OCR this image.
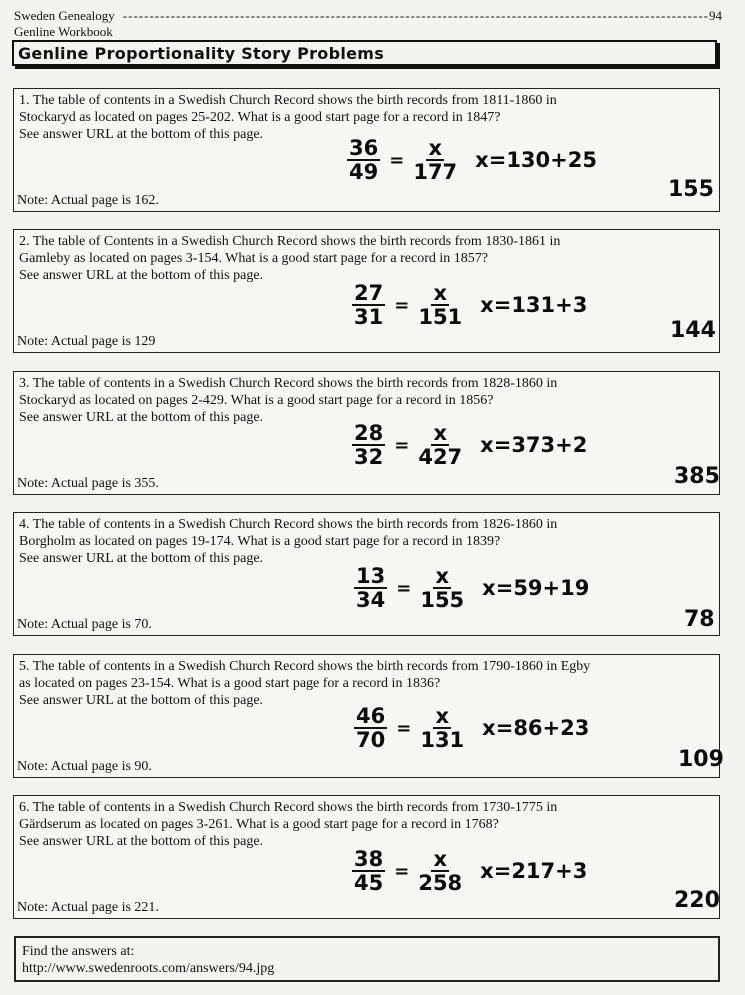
Sweden Genealogy Genline Workbook
-------------------------------------------------------------------------------------------------------------- 94
Genline Proportionality Story Problems
1. The table of contents in a Swedish Church Record shows the birth records from 1811-1860 in
Stockaryd as located on pages 25-202. What is a good start page for a record in 1847?
See answer URL at the bottom of this page.
$\frac{36}{49} = \frac{x}{177} x=130+25$
155
Note: Actual page is 162.
2. The table of Contents in a Swedish Church Record shows the birth records from 1830-1861 in
Gamleby as located on pages 3-154. What is a good start page for a record in 1857?
See answer URL at the bottom of this page.
$\frac{27}{31} = \frac{x}{151} x=131+3$
144
Note: Actual page is 129
3. The table of contents in a Swedish Church Record shows the birth records from 1828-1860 in
Stockaryd as located on pages 2-429. What is a good start page for a record in 1856?
See answer URL at the bottom of this page.
$\frac{28}{32} = \frac{x}{427} x=373+2$
385
Note: Actual page is 355.
4. The table of contents in a Swedish Church Record shows the birth records from 1826-1860 in
Borgholm as located on pages 19-174. What is a good start page for a record in 1839?
See answer URL at the bottom of this page.
$\frac{13}{34} = \frac{x}{155} x=59+19$
78
Note: Actual page is 70.
5. The table of contents in a Swedish Church Record shows the birth records from 1790-1860 in Egby
as located on pages 23-154. What is a good start page for a record in 1836?
See answer URL at the bottom of this page.
$\frac{46}{70} = \frac{x}{131} x=86+23$
109
Note: Actual page is 90.
6. The table of contents in a Swedish Church Record shows the birth records from 1730-1775 in
Gärdserum as located on pages 3-261. What is a good start page for a record in 1768?
See answer URL at the bottom of this page.
$\frac{38}{45} = \frac{x}{258} x=217+3$
220
Note: Actual page is 221.
Find the answers at:
http://www.swedenroots.com/answers/94.jpg
